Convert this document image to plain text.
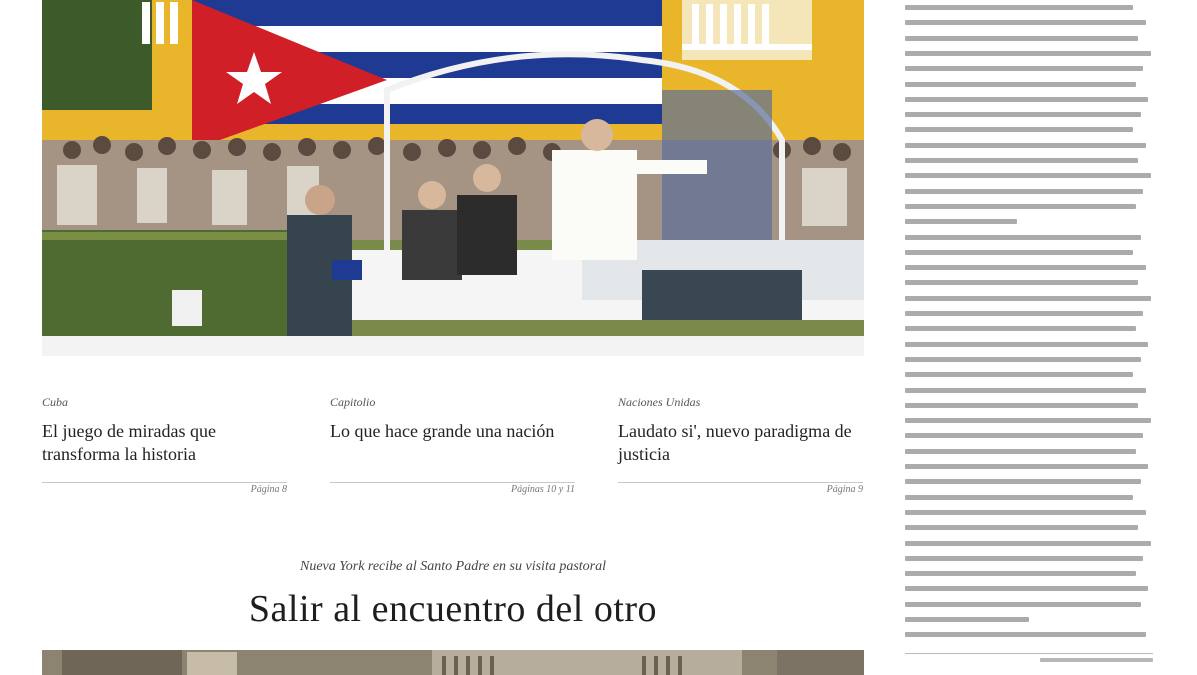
Cuba
El juego de miradas que transforma la historia
Página 8
Capitolio
Lo que hace grande una nación
Páginas 10 y 11
Naciones Unidas
Laudato si', nuevo paradigma de justicia
Página 9
Nueva York recibe al Santo Padre en su visita pastoral
Salir al encuentro del otro
